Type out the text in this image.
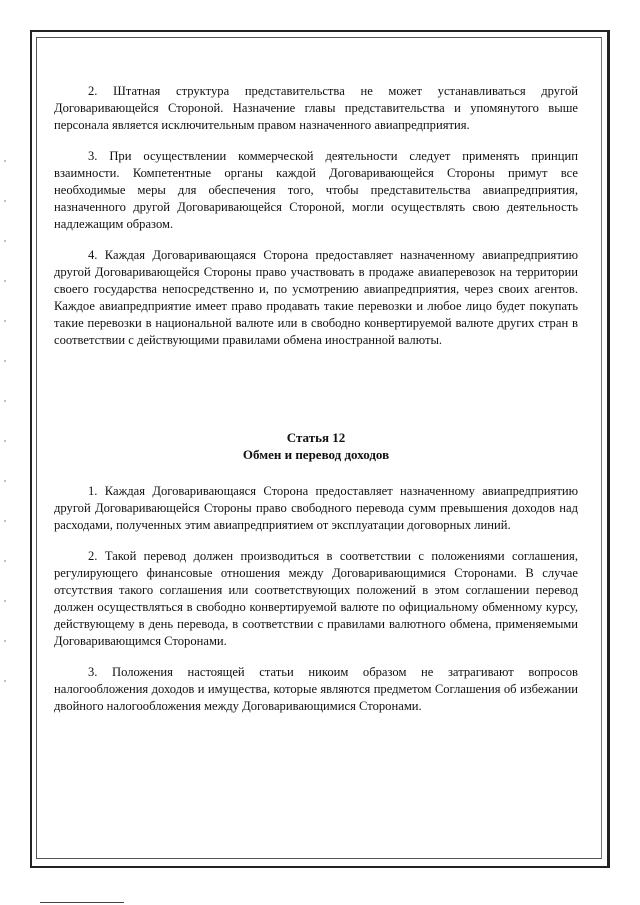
2. Штатная структура представительства не может устанавливаться другой Договаривающейся Стороной. Назначение главы представительства и упомянутого выше персонала является исключительным правом назначенного авиапредприятия.

3. При осуществлении коммерческой деятельности следует применять принцип взаимности. Компетентные органы каждой Договаривающейся Стороны примут все необходимые меры для обеспечения того, чтобы представительства авиапредприятия, назначенного другой Договаривающейся Стороной, могли осуществлять свою деятельность надлежащим образом.

4. Каждая Договаривающаяся Сторона предоставляет назначенному авиапредприятию другой Договаривающейся Стороны право участвовать в продаже авиаперевозок на территории своего государства непосредственно и, по усмотрению авиапредприятия, через своих агентов. Каждое авиапредприятие имеет право продавать такие перевозки и любое лицо будет покупать такие перевозки в национальной валюте или в свободно конвертируемой валюте других стран в соответствии с действующими правилами обмена иностранной валюты.

Статья 12

Обмен и перевод доходов

1. Каждая Договаривающаяся Сторона предоставляет назначенному авиапредприятию другой Договаривающейся Стороны право свободного перевода сумм превышения доходов над расходами, полученных этим авиапредприятием от эксплуатации договорных линий.

2. Такой перевод должен производиться в соответствии с положениями соглашения, регулирующего финансовые отношения между Договаривающимися Сторонами. В случае отсутствия такого соглашения или соответствующих положений в этом соглашении перевод должен осуществляться в свободно конвертируемой валюте по официальному обменному курсу, действующему в день перевода, в соответствии с правилами валютного обмена, применяемыми Договаривающимся Сторонами.

3. Положения настоящей статьи никоим образом не затрагивают вопросов налогообложения доходов и имущества, которые являются предметом Соглашения об избежании двойного налогообложения между Договаривающимися Сторонами.
